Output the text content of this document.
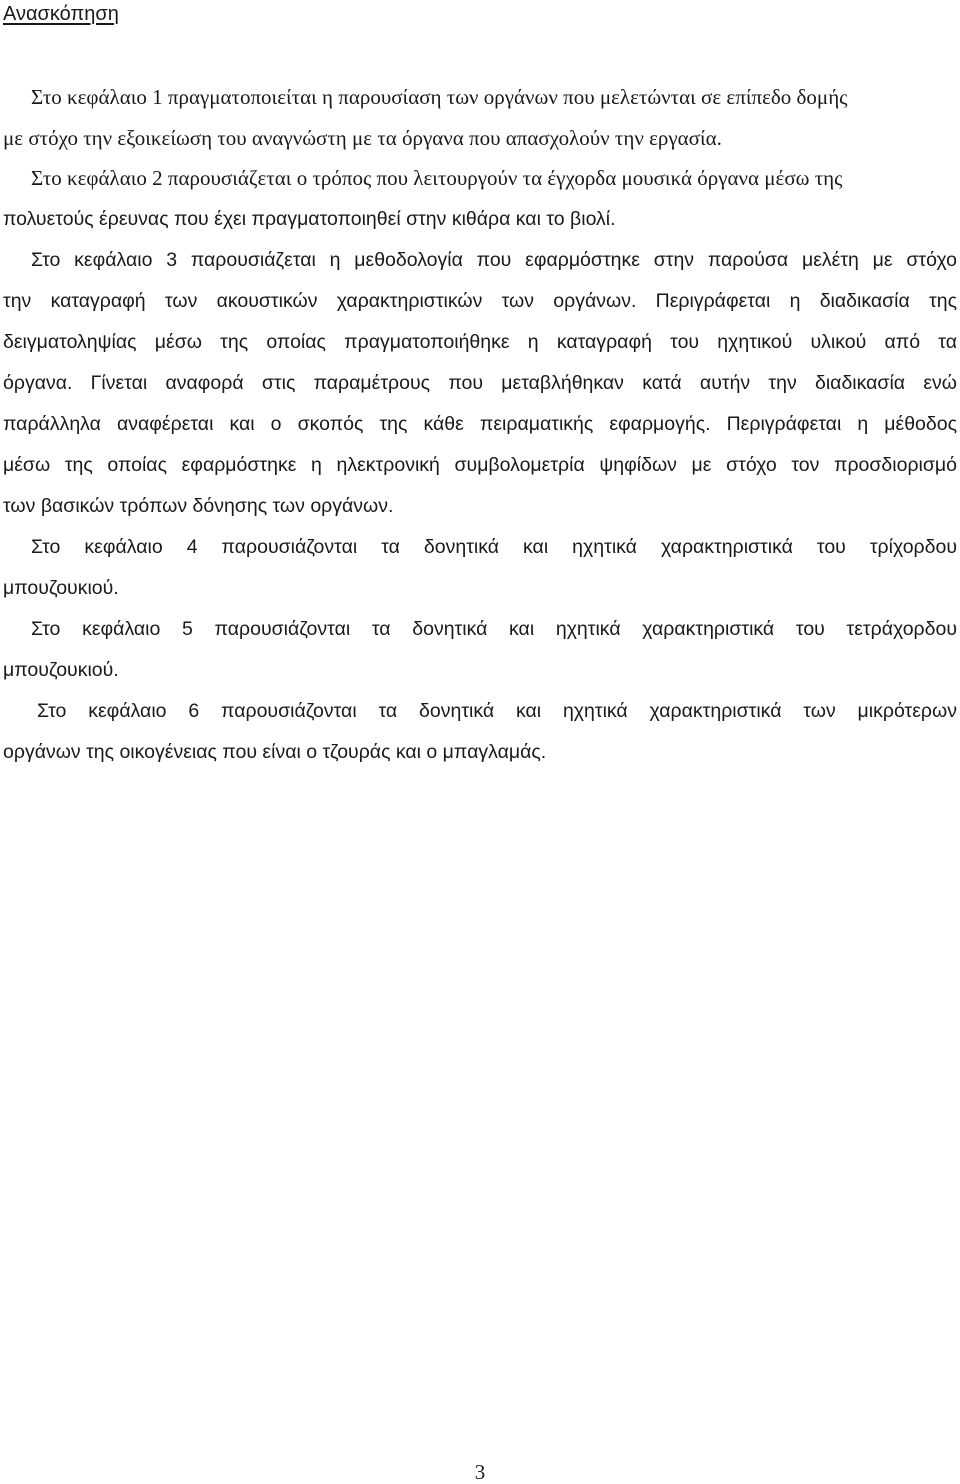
Ανασκόπηση

Στο κεφάλαιο 1 πραγματοποιείται η παρουσίαση των οργάνων που μελετώνται σε επίπεδο δομής

με στόχο την εξοικείωση του αναγνώστη με τα όργανα που απασχολούν την εργασία.

Στο κεφάλαιο 2 παρουσιάζεται ο τρόπος που λειτουργούν τα έγχορδα μουσικά όργανα μέσω της

πολυετούς έρευνας που έχει πραγματοποιηθεί στην κιθάρα και το βιολί.

Στο κεφάλαιο 3 παρουσιάζεται η μεθοδολογία που εφαρμόστηκε στην παρούσα μελέτη με στόχο

την καταγραφή των ακουστικών χαρακτηριστικών των οργάνων. Περιγράφεται η διαδικασία της

δειγματοληψίας μέσω της οποίας πραγματοποιήθηκε η καταγραφή του ηχητικού υλικού από τα

όργανα. Γίνεται αναφορά στις παραμέτρους που μεταβλήθηκαν κατά αυτήν την διαδικασία ενώ

παράλληλα αναφέρεται και ο σκοπός της κάθε πειραματικής εφαρμογής. Περιγράφεται η μέθοδος

μέσω της οποίας εφαρμόστηκε η ηλεκτρονική συμβολομετρία ψηφίδων με στόχο τον προσδιορισμό

των βασικών τρόπων δόνησης των οργάνων.

Στο κεφάλαιο 4 παρουσιάζονται τα δονητικά και ηχητικά χαρακτηριστικά του τρίχορδου

μπουζουκιού.

Στο κεφάλαιο 5 παρουσιάζονται τα δονητικά και ηχητικά χαρακτηριστικά του τετράχορδου

μπουζουκιού.

Στο κεφάλαιο 6 παρουσιάζονται τα δονητικά και ηχητικά χαρακτηριστικά των μικρότερων

οργάνων της οικογένειας που είναι ο τζουράς και ο μπαγλαμάς.

3
